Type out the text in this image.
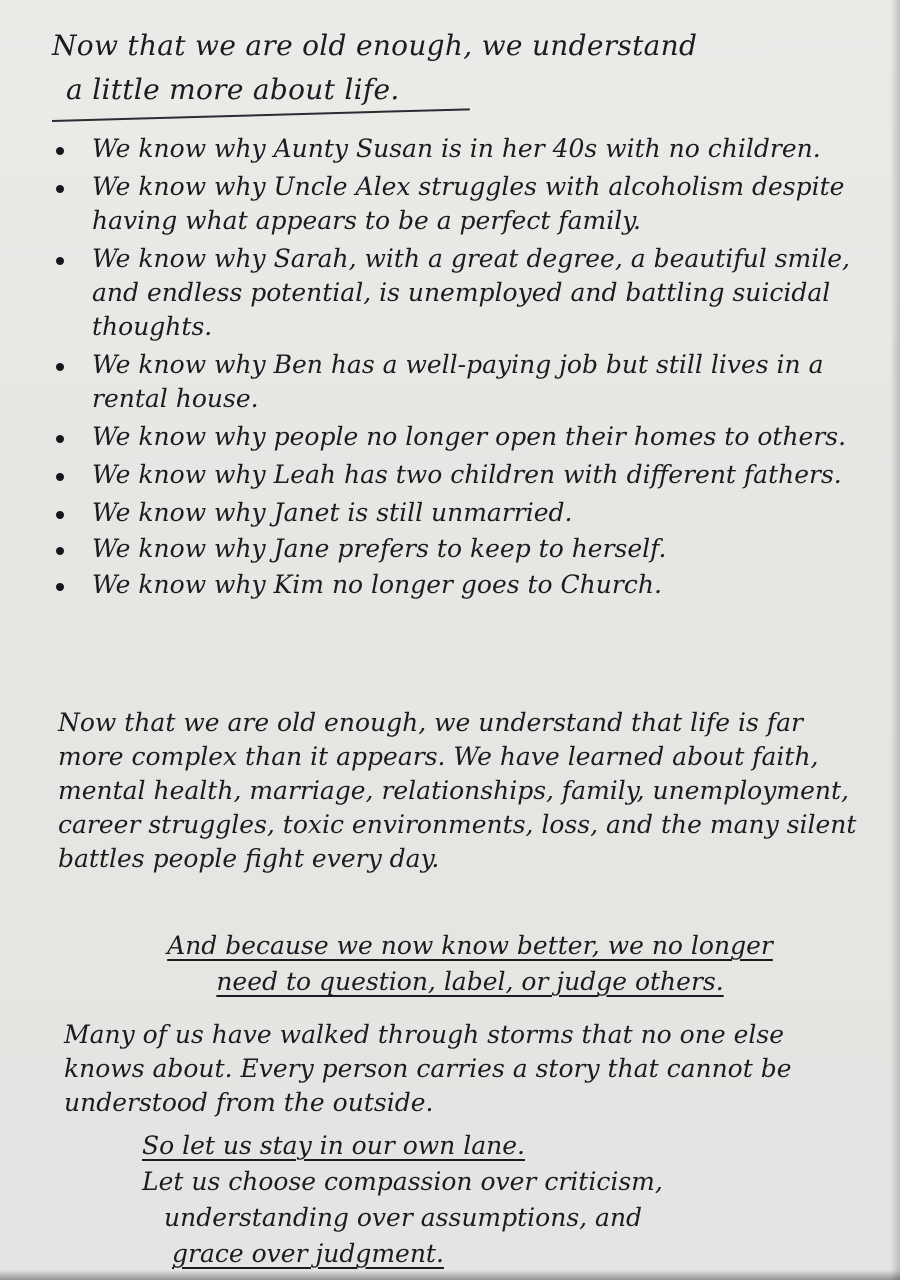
Now that we are old enough, we understand
a little more about life.
We know why Aunty Susan is in her 40s with no children.
We know why Uncle Alex struggles with alcoholism despite having what appears to be a perfect family.
We know why Sarah, with a great degree, a beautiful smile, and endless potential, is unemployed and battling suicidal thoughts.
We know why Ben has a well-paying job but still lives in a rental house.
We know why people no longer open their homes to others.
We know why Leah has two children with different fathers.
We know why Janet is still unmarried.
We know why Jane prefers to keep to herself.
We know why Kim no longer goes to Church.

Now that we are old enough, we understand that life is far more complex than it appears. We have learned about faith, mental health, marriage, relationships, family, unemployment, career struggles, toxic environments, loss, and the many silent battles people fight every day.

And because we now know better, we no longer
need to question, label, or judge others.

Many of us have walked through storms that no one else knows about. Every person carries a story that cannot be understood from the outside.

So let us stay in our own lane.
Let us choose compassion over criticism,
understanding over assumptions, and
grace over judgment.
